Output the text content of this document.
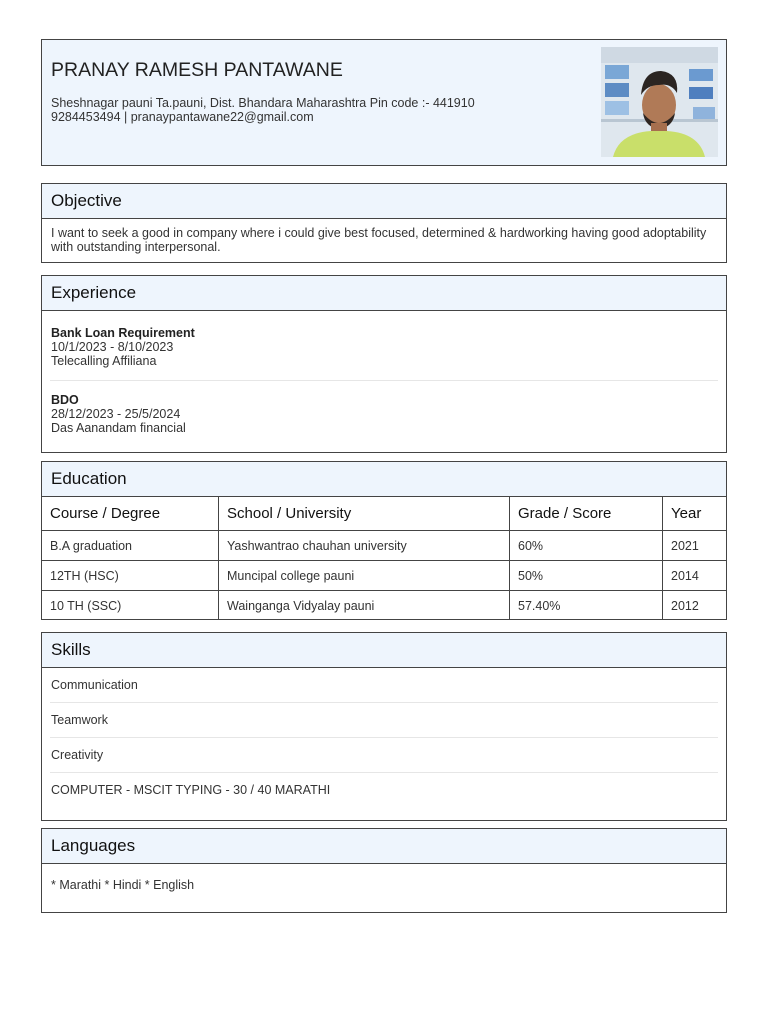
PRANAY RAMESH PANTAWANE
Sheshnagar pauni Ta.pauni, Dist. Bhandara Maharashtra Pin code :- 441910
9284453494 | pranaypantawane22@gmail.com
Objective
I want to seek a good in company where i could give best focused, determined & hardworking having good adoptability with outstanding interpersonal.
Experience
Bank Loan Requirement
10/1/2023 - 8/10/2023
Telecalling Affiliana
BDO
28/12/2023 - 25/5/2024
Das Aanandam financial
Education
Course / Degree	School / University	Grade / Score	Year
B.A graduation	Yashwantrao chauhan university	60%	2021
12TH (HSC)	Muncipal college pauni	50%	2014
10 TH (SSC)	Wainganga Vidyalay pauni	57.40%	2012
Skills
Communication
Teamwork
Creativity
COMPUTER - MSCIT TYPING - 30 / 40 MARATHI
Languages
* Marathi * Hindi * English
